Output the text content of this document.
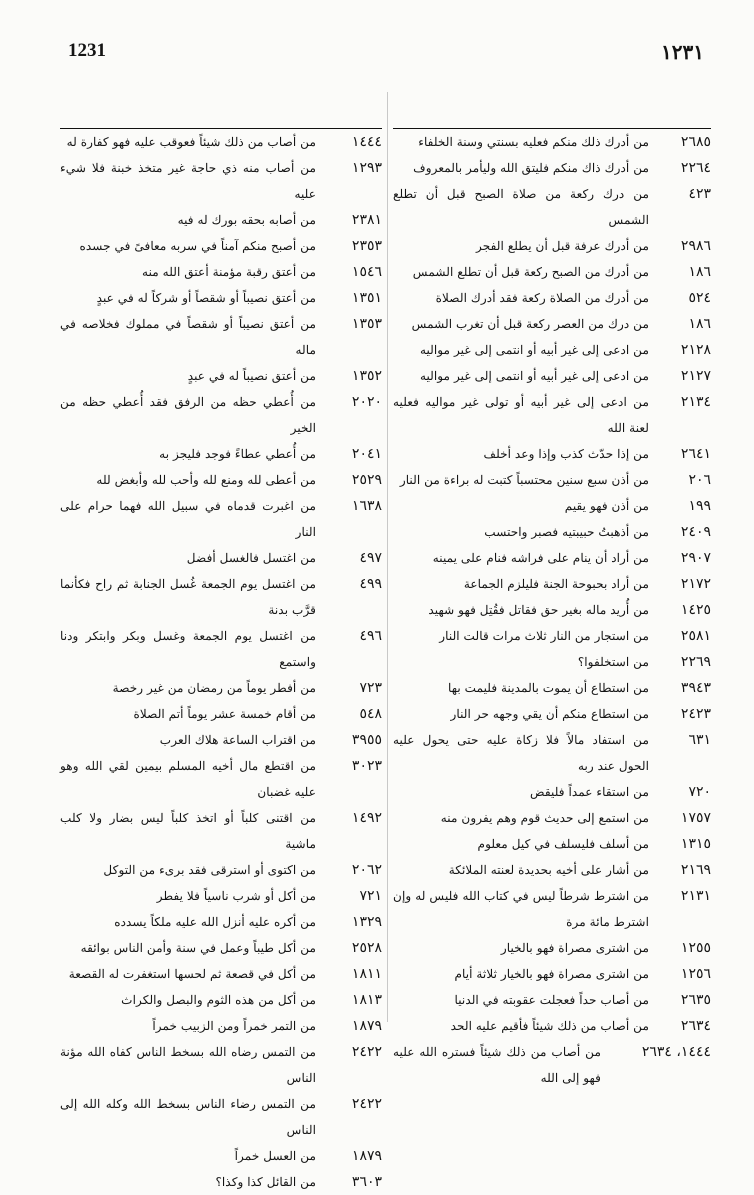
1231	١٢٣١
٢٦٨٥
من أدرك ذلك منكم فعليه بسنتي وسنة الخلفاء
٢٢٦٤
من أدرك ذاك منكم فليتق الله وليأمر بالمعروف
٤٢٣
من درك ركعة من صلاة الصبح قبل أن تطلع الشمس
٢٩٨٦
من أدرك عرفة قبل أن يطلع الفجر
١٨٦
من أدرك من الصبح ركعة قبل أن تطلع الشمس
٥٢٤
من أدرك من الصلاة ركعة فقد أدرك الصلاة
١٨٦
من درك من العصر ركعة قبل أن تغرب الشمس
٢١٢٨
من ادعى إلى غير أبيه أو انتمى إلى غير مواليه
٢١٢٧
من ادعى إلى غير أبيه أو انتمى إلى غير مواليه
٢١٣٤
من ادعى إلى غير أبيه أو تولى غير مواليه فعليه لعنة الله
٢٦٤١
من إذا حدّث كذب وإذا وعد أخلف
٢٠٦
من أذن سبع سنين محتسباً كتبت له براءة من النار
١٩٩
من أذن فهو يقيم
٢٤٠٩
من أذهبتُ حبيبتيه فصبر واحتسب
٢٩٠٧
من أراد أن ينام على فراشه فنام على يمينه
٢١٧٢
من أراد بحبوحة الجنة فليلزم الجماعة
١٤٢٥
من أُريد ماله بغير حق فقاتل فقُتِل فهو شهيد
٢٥٨١
من استجار من النار ثلاث مرات قالت النار
٢٢٦٩
من استخلفوا؟
٣٩٤٣
من استطاع أن يموت بالمدينة فليمت بها
٢٤٢٣
من استطاع منكم أن يقي وجهه حر النار
٦٣١
من استفاد مالاً فلا زكاة عليه حتى يحول عليه الحول عند ربه
٧٢٠
من استقاء عمداً فليقض
١٧٥٧
من استمع إلى حديث قوم وهم يفرون منه
١٣١٥
من أسلف فليسلف في كيل معلوم
٢١٦٩
من أشار على أخيه بحديدة لعنته الملائكة
٢١٣١
من اشترط شرطاً ليس في كتاب الله فليس له وإن اشترط مائة مرة
١٢٥٥
من اشترى مصراة فهو بالخيار
١٢٥٦
من اشترى مصراة فهو بالخيار ثلاثة أيام
٢٦٣٥
من أصاب حداً فعجلت عقوبته في الدنيا
٢٦٣٤
من أصاب من ذلك شيئاً فأقيم عليه الحد
١٤٤٤، ٢٦٣٤
من أصاب من ذلك شيئاً فستره الله عليه فهو إلى الله
١٤٤٤
من أصاب من ذلك شيئاً فعوقب عليه فهو كفارة له
١٢٩٣
من أصاب منه ذي حاجة غير متخذ خبنة فلا شيء عليه
٢٣٨١
من أصابه بحقه بورك له فيه
٢٣٥٣
من أصبح منكم آمناً في سربه معافىً في جسده
١٥٤٦
من أعتق رقبة مؤمنة أعتق الله منه
١٣٥١
من أعتق نصيباً أو شقصاً أو شركاً له في عبدٍ
١٣٥٣
من أعتق نصيباً أو شقصاً في مملوك فخلاصه في ماله
١٣٥٢
من أعتق نصيباً له في عبدٍ
٢٠٢٠
من أُعطي حظه من الرفق فقد أُعطي حظه من الخير
٢٠٤١
من أُعطي عطاءً فوجد فليجز به
٢٥٢٩
من أعطى لله ومنع لله وأحب لله وأبغض لله
١٦٣٨
من اغبرت قدماه في سبيل الله فهما حرام على النار
٤٩٧
من اغتسل فالغسل أفضل
٤٩٩
من اغتسل يوم الجمعة غُسل الجنابة ثم راح فكأنما قرَّب بدنة
٤٩٦
من اغتسل يوم الجمعة وغسل وبكر وابتكر ودنا واستمع
٧٢٣
من أفطر يوماً من رمضان من غير رخصة
٥٤٨
من أقام خمسة عشر يوماً أتم الصلاة
٣٩٥٥
من اقتراب الساعة هلاك العرب
٣٠٢٣
من اقتطع مال أخيه المسلم بيمين لقي الله وهو عليه غضبان
١٤٩٢
من اقتنى كلباً أو اتخذ كلباً ليس بضار ولا كلب ماشية
٢٠٦٢
من اكتوى أو استرقى فقد برىء من التوكل
٧٢١
من أكل أو شرب ناسياً فلا يفطر
١٣٢٩
من أكره عليه أنزل الله عليه ملكاً يسدده
٢٥٢٨
من أكل طيباً وعمل في سنة وأمن الناس بوائقه
١٨١١
من أكل في قصعة ثم لحسها استغفرت له القصعة
١٨١٣
من أكل من هذه الثوم والبصل والكراث
١٨٧٩
من التمر خمراً ومن الزبيب خمراً
٢٤٢٢
من التمس رضاه الله بسخط الناس كفاه الله مؤنة الناس
٢٤٢٢
من التمس رضاء الناس بسخط الله وكله الله إلى الناس
١٨٧٩
من العسل خمراً
٣٦٠٣
من القائل كذا وكذا؟
